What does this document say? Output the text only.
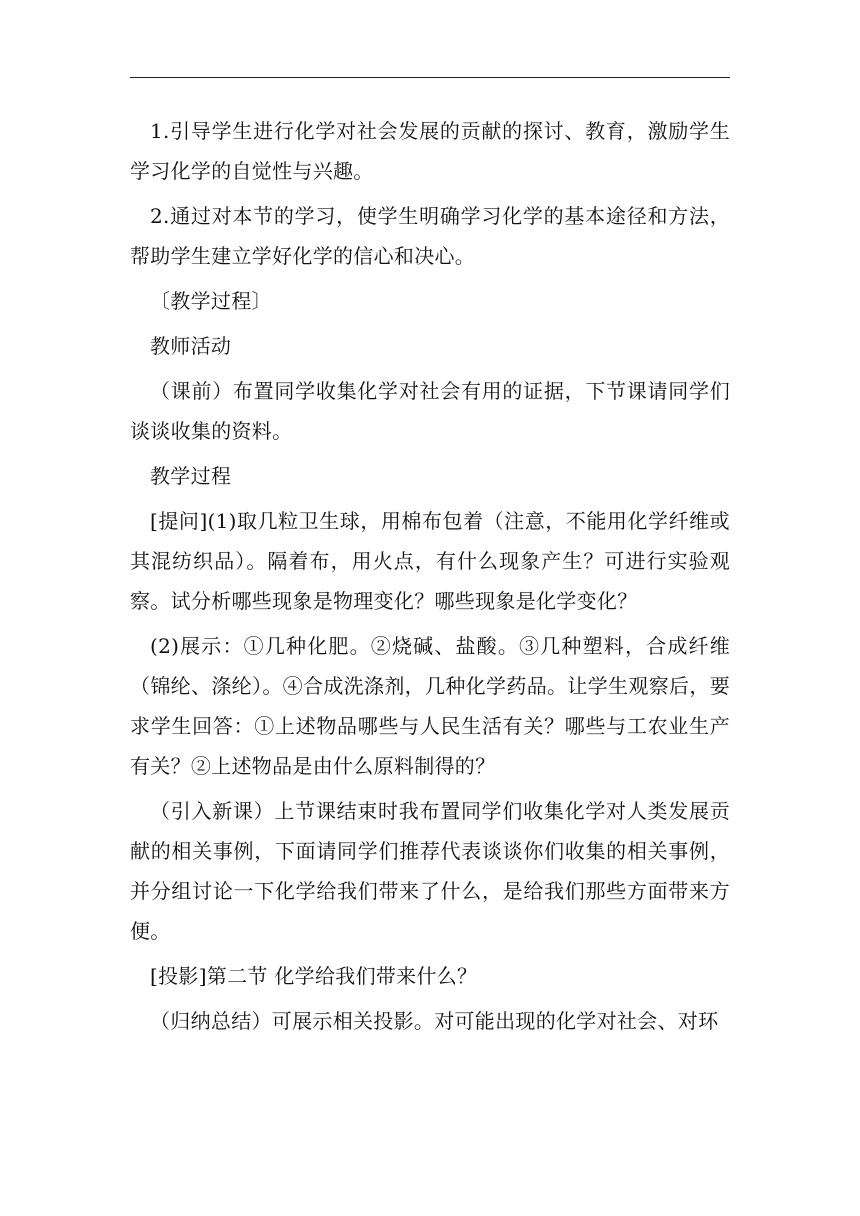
1.引导学生进行化学对社会发展的贡献的探讨、教育，激励学生学习化学的自觉性与兴趣。

2.通过对本节的学习，使学生明确学习化学的基本途径和方法，帮助学生建立学好化学的信心和决心。

〔教学过程〕

教师活动

（课前）布置同学收集化学对社会有用的证据，下节课请同学们谈谈收集的资料。

教学过程

[提问](1)取几粒卫生球，用棉布包着（注意，不能用化学纤维或其混纺织品）。隔着布，用火点，有什么现象产生？可进行实验观察。试分析哪些现象是物理变化？哪些现象是化学变化？

(2)展示：①几种化肥。②烧碱、盐酸。③几种塑料，合成纤维（锦纶、涤纶）。④合成洗涤剂，几种化学药品。让学生观察后，要求学生回答：①上述物品哪些与人民生活有关？哪些与工农业生产有关？②上述物品是由什么原料制得的？

（引入新课）上节课结束时我布置同学们收集化学对人类发展贡献的相关事例，下面请同学们推荐代表谈谈你们收集的相关事例，并分组讨论一下化学给我们带来了什么，是给我们那些方面带来方便。

[投影]第二节 化学给我们带来什么？

（归纳总结）可展示相关投影。对可能出现的化学对社会、对环
